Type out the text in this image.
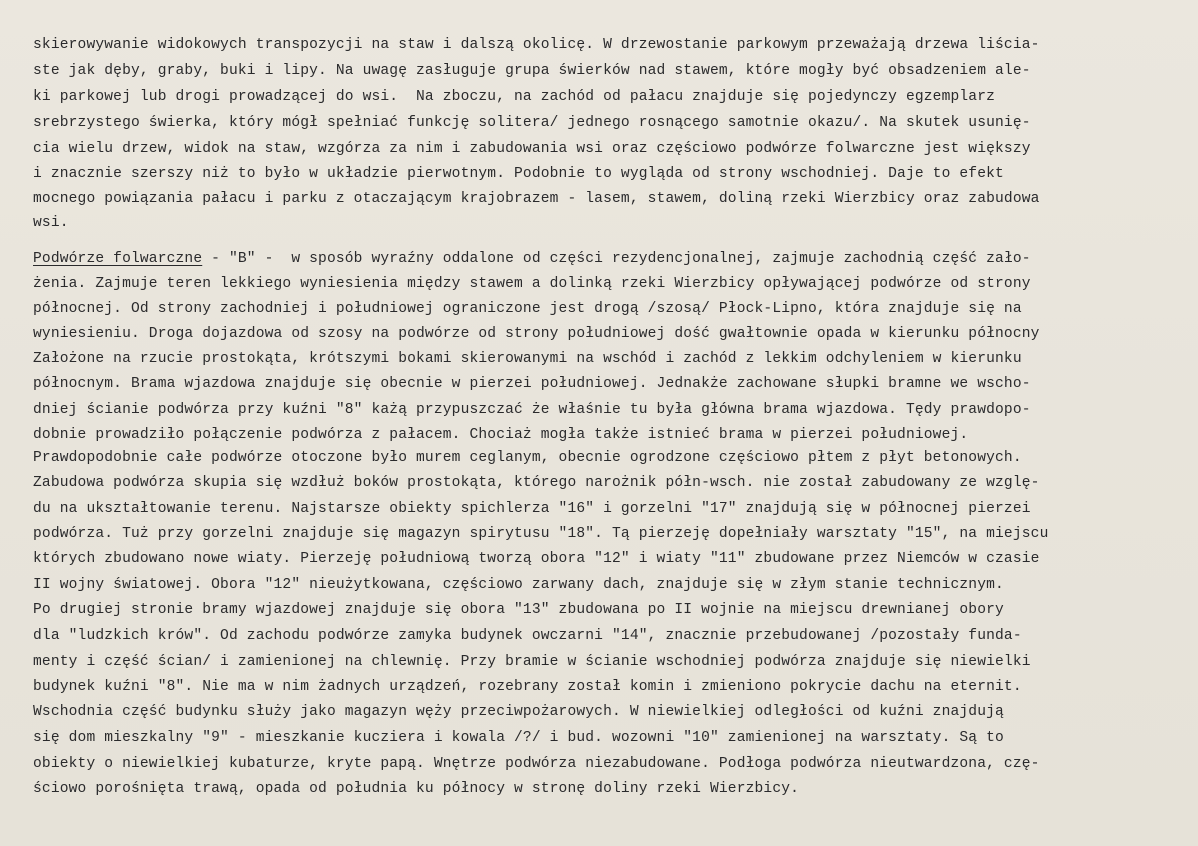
skierowywanie widokowych transpozycji na staw i dalszą okolicę. W drzewostanie parkowym przeważają drzewa liścia-
ste jak dęby, graby, buki i lipy. Na uwagę zasługuje grupa świerków nad stawem, które mogły być obsadzeniem ale-
ki parkowej lub drogi prowadzącej do wsi.  Na zboczu, na zachód od pałacu znajduje się pojedynczy egzemplarz
srebrzystego świerka, który mógł spełniać funkcję solitera/ jednego rosnącego samotnie okazu/. Na skutek usunię-
cia wielu drzew, widok na staw, wzgórza za nim i zabudowania wsi oraz częściowo podwórze folwarczne jest większy
i znacznie szerszy niż to było w układzie pierwotnym. Podobnie to wygląda od strony wschodniej. Daje to efekt
mocnego powiązania pałacu i parku z otaczającym krajobrazem - lasem, stawem, doliną rzeki Wierzbicy oraz zabudowa
wsi.
Podwórze folwarczne - "B" -  w sposób wyraźny oddalone od części rezydencjonalnej, zajmuje zachodnią część zało-
żenia. Zajmuje teren lekkiego wyniesienia między stawem a dolinką rzeki Wierzbicy opływającej podwórze od strony
północnej. Od strony zachodniej i południowej ograniczone jest drogą /szosą/ Płock-Lipno, która znajduje się na
wyniesieniu. Droga dojazdowa od szosy na podwórze od strony południowej dość gwałtownie opada w kierunku północny
Założone na rzucie prostokąta, krótszymi bokami skierowanymi na wschód i zachód z lekkim odchyleniem w kierunku
północnym. Brama wjazdowa znajduje się obecnie w pierzei południowej. Jednakże zachowane słupki bramne we wscho-
dniej ścianie podwórza przy kuźni "8" każą przypuszczać że właśnie tu była główna brama wjazdowa. Tędy prawdopo-
dobnie prowadziło połączenie podwórza z pałacem. Chociaż mogła także istnieć brama w pierzei południowej.
Prawdopodobnie całe podwórze otoczone było murem ceglanym, obecnie ogrodzone częściowo płtem z płyt betonowych.
Zabudowa podwórza skupia się wzdłuż boków prostokąta, którego narożnik półn-wsch. nie został zabudowany ze wzglę-
du na ukształtowanie terenu. Najstarsze obiekty spichlerza "16" i gorzelni "17" znajdują się w północnej pierzei
podwórza. Tuż przy gorzelni znajduje się magazyn spirytusu "18". Tą pierzeję dopełniały warsztaty "15", na miejscu
których zbudowano nowe wiaty. Pierzeję południową tworzą obora "12" i wiaty "11" zbudowane przez Niemców w czasie
II wojny światowej. Obora "12" nieużytkowana, częściowo zarwany dach, znajduje się w złym stanie technicznym.
Po drugiej stronie bramy wjazdowej znajduje się obora "13" zbudowana po II wojnie na miejscu drewnianej obory
dla "ludzkich krów". Od zachodu podwórze zamyka budynek owczarni "14", znacznie przebudowanej /pozostały funda-
menty i część ścian/ i zamienionej na chlewnię. Przy bramie w ścianie wschodniej podwórza znajduje się niewielki
budynek kuźni "8". Nie ma w nim żadnych urządzeń, rozebrany został komin i zmieniono pokrycie dachu na eternit.
Wschodnia część budynku służy jako magazyn węży przeciwpożarowych. W niewielkiej odległości od kuźni znajdują
się dom mieszkalny "9" - mieszkanie kucziera i kowala /?/ i bud. wozowni "10" zamienionej na warsztaty. Są to
obiekty o niewielkiej kubaturze, kryte papą. Wnętrze podwórza niezabudowane. Podłoga podwórza nieutwardzona, czę-
ściowo porośnięta trawą, opada od południa ku północy w stronę doliny rzeki Wierzbicy.
